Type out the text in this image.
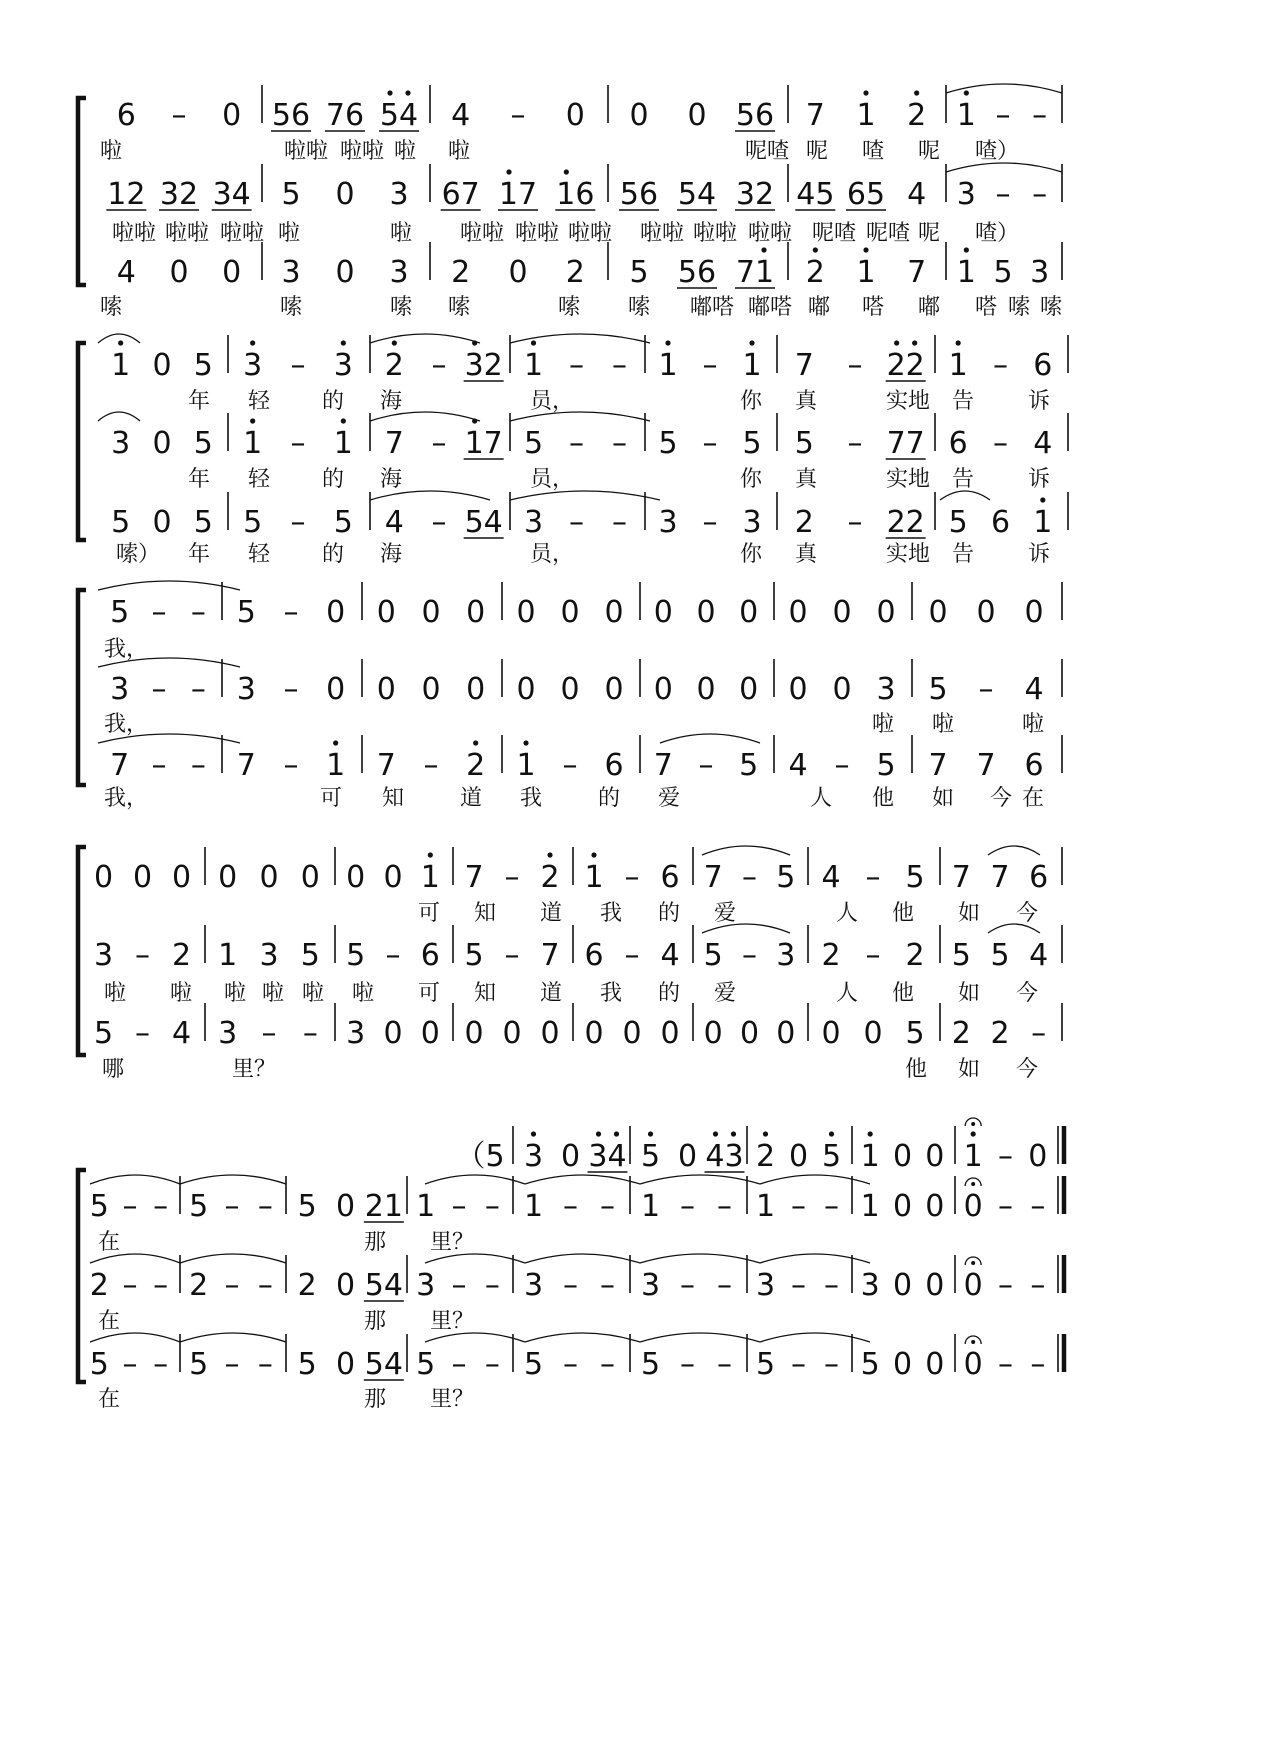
6 – 0 56 76 54 4 – 0 0 0 56 7 1 2 1 – –
啦	啦啦 啦啦 啦 啦	呢喳 呢 喳 呢 喳）
12 32 34 5 0 3 67 17 16 56 54 32 45 65 4 3 – –
啦啦 啦啦 啦啦 啦	啦 啦啦 啦啦 啦啦 啦啦 啦啦 啦啦 呢喳 呢喳 呢 喳）
4 0 0 3 0 3 2 0 2 5 56 71 2 1 7 1 5 3
嗦	嗦	嗦 嗦	嗦 嗦 嘟嗒 嘟嗒 嘟 嗒 嘟 嗒 嗦 嗦
1 0 5 3 – 3 2 – 32 1 – – 1 – 1 7 – 22 1 – 6
年 轻 的 海	员，	你 真	实地 告 诉
3 0 5 1 – 1 7 – 17 5 – – 5 – 5 5 – 77 6 – 4
年 轻 的 海	员，	你 真	实地 告 诉
5 0 5 5 – 5 4 – 54 3 – – 3 – 3 2 – 22 5 6 1
嗦） 年 轻 的 海	员，	你 真	实地 告 诉
5 – – 5 – 0 0 0 0 0 0 0 0 0 0 0 0 0 0 0 0
我，
3 – – 3 – 0 0 0 0 0 0 0 0 0 0 0 0 3 5 – 4
我，	啦 啦	啦
7 – – 7 – 1 7 – 2 1 – 6 7 – 5 4 – 5 7 7 6
我，	可 知	道 我	的 爱	人 他 如 今 在
0 0 0 0 0 0 0 0 1 7 – 2 1 – 6 7 – 5 4 – 5 7 7 6
可 知 道 我 的 爱	人 他 如 今
3 – 2 1 3 5 5 – 6 5 – 7 6 – 4 5 – 3 2 – 2 5 5 4
啦 啦 啦 啦 啦 啦 可 知 道 我 的 爱	人 他 如 今
5 – 4 3 – – 3 0 0 0 0 0 0 0 0 0 0 0 0 0 5 2 2 –
哪	里？	他 如 今
5 – – 5 – – 5 0 21 1 – – 1 – – 1 – – 1 – – 1 0 0 0 – –
在	那 里？
2 – – 2 – – 2 0 54 3 – – 3 – – 3 – – 3 – – 3 0 0 0 – –
在	那 里？
5 – – 5 – – 5 0 54 5 – – 5 – – 5 – – 5 – – 5 0 0 0 – –
在	那 里？
（5 3 0 34 5 0 43 2 0 5 1 0 0 1 – 0
